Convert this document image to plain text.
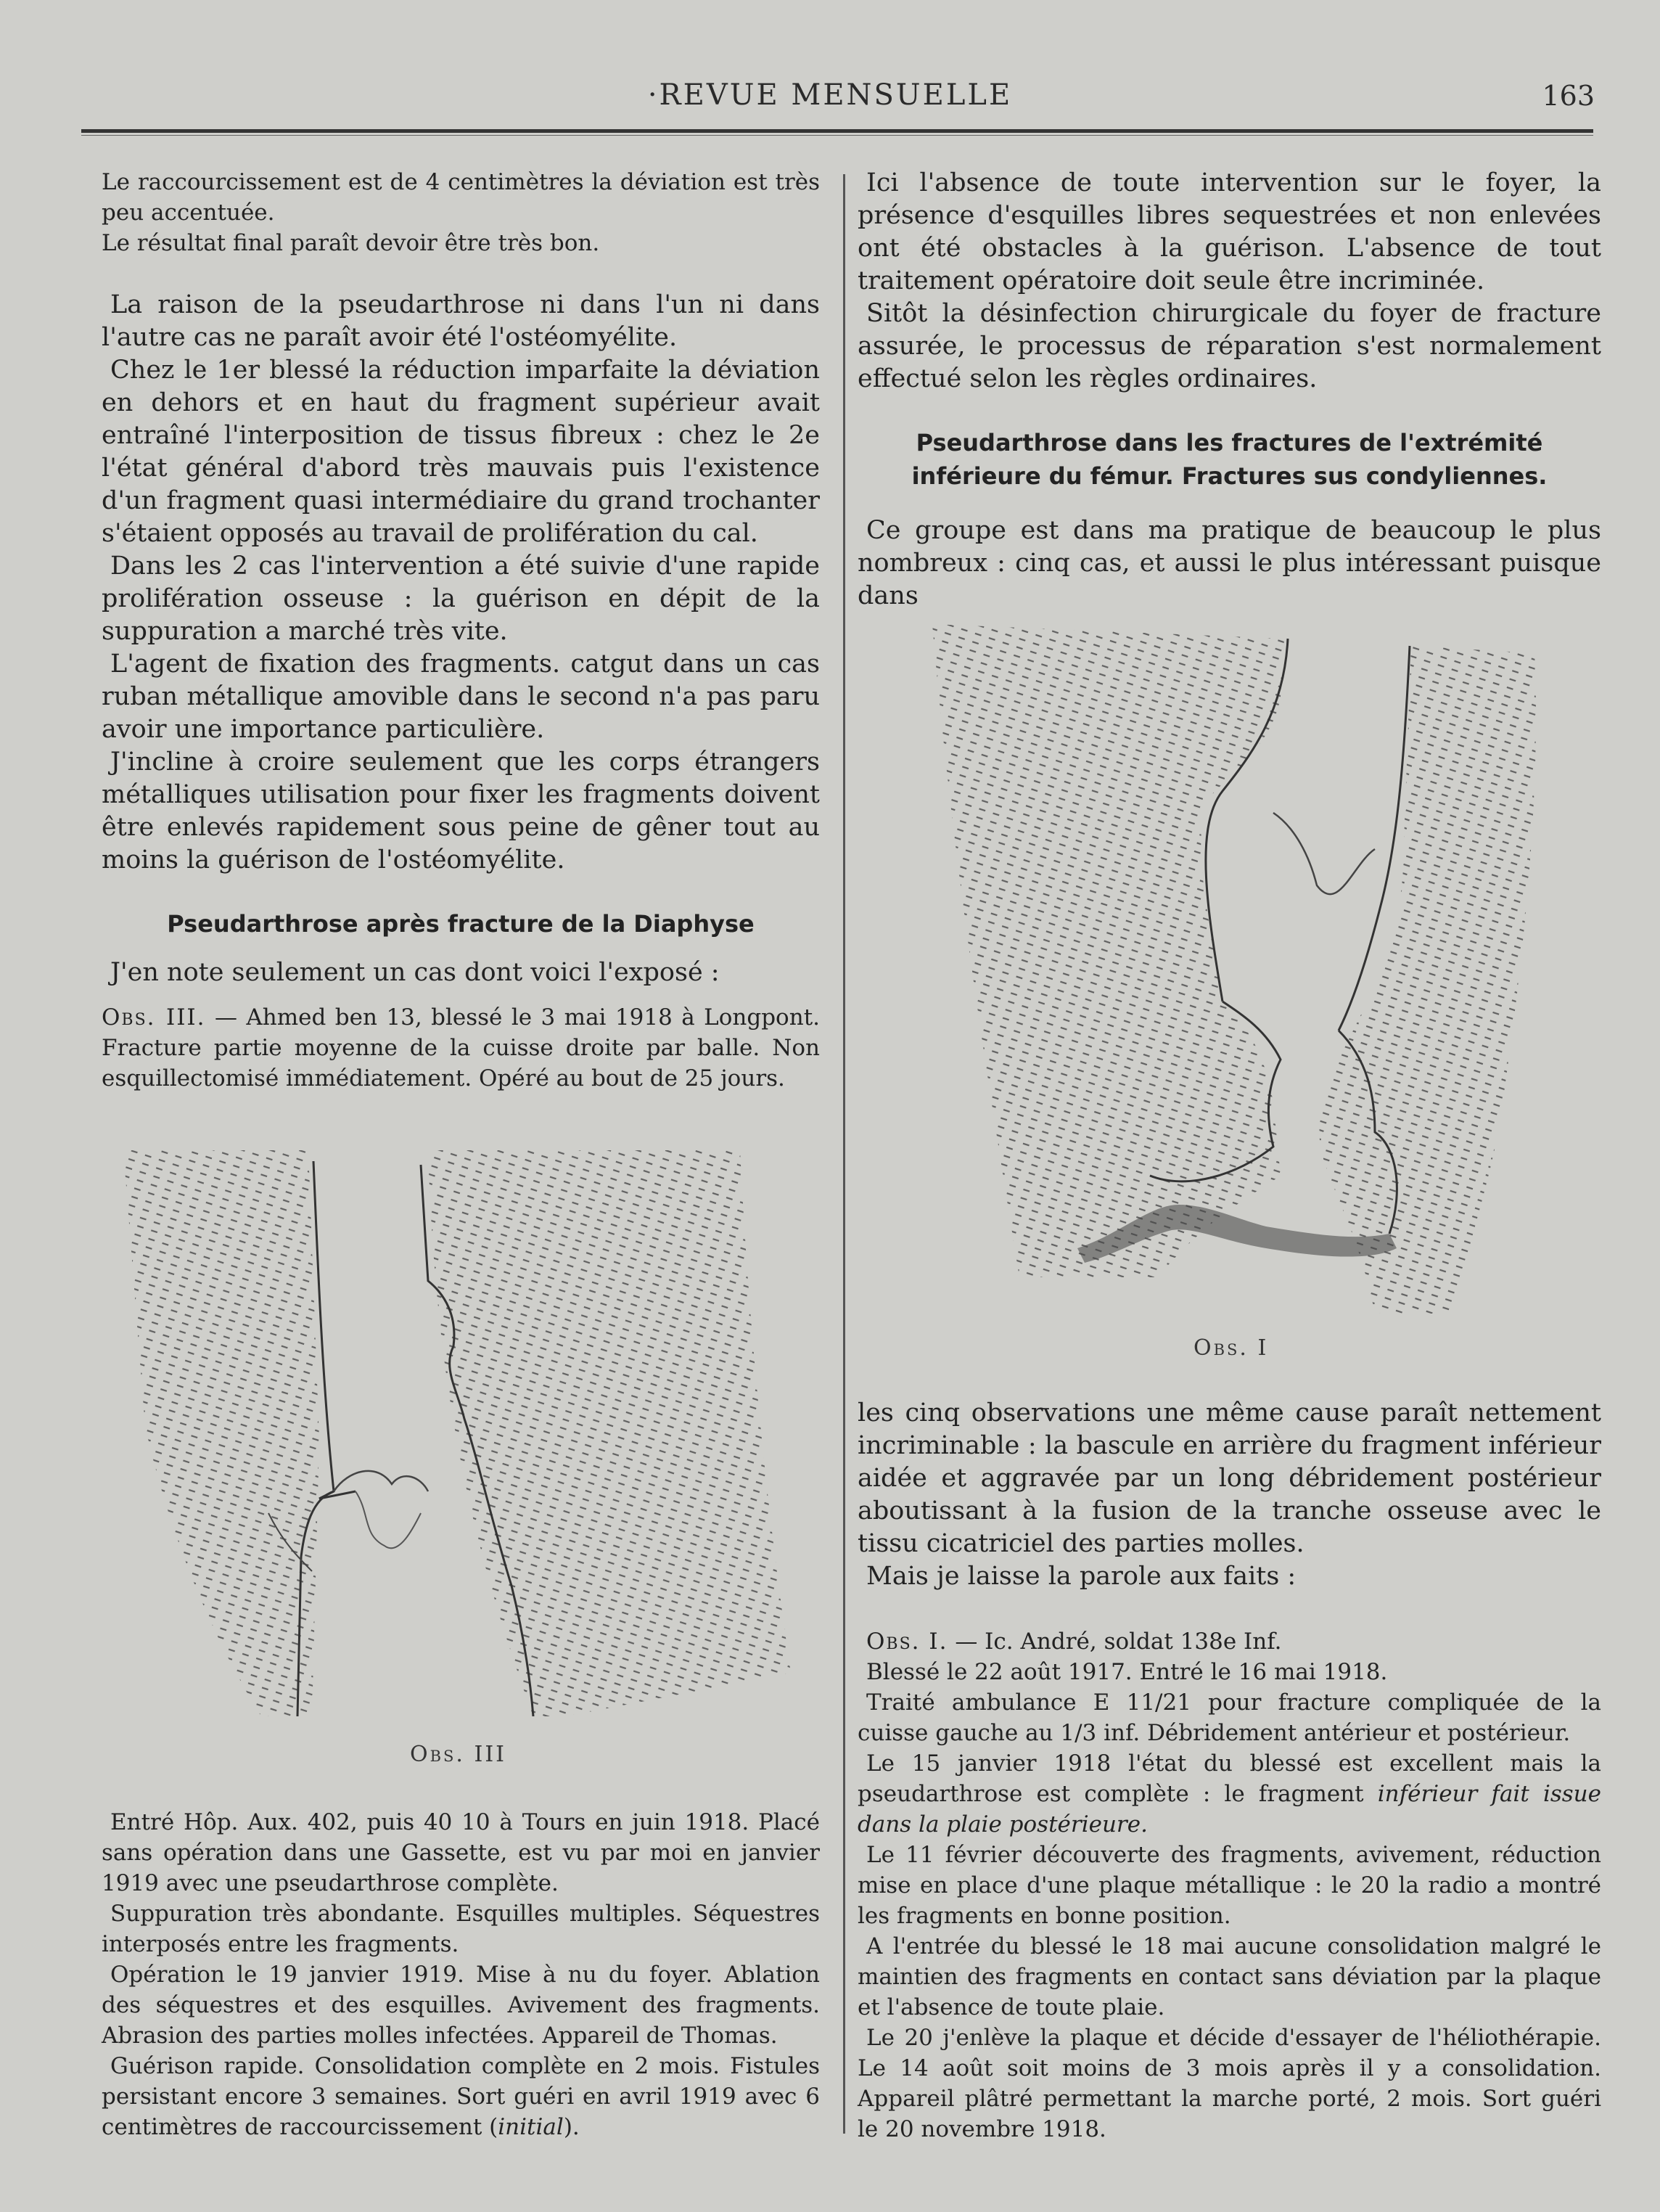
·REVUE MENSUELLE	163

Le raccourcissement est de 4 centimètres la déviation est très peu accentuée.

Le résultat final paraît devoir être très bon.

La raison de la pseudarthrose ni dans l'un ni dans l'autre cas ne paraît avoir été l'ostéomyélite.

Chez le 1er blessé la réduction imparfaite la déviation en dehors et en haut du fragment supérieur avait entraîné l'interposition de tissus fibreux : chez le 2e l'état général d'abord très mauvais puis l'existence d'un fragment quasi intermédiaire du grand trochanter s'étaient opposés au travail de prolifération du cal.

Dans les 2 cas l'intervention a été suivie d'une rapide prolifération osseuse : la guérison en dépit de la suppuration a marché très vite.

L'agent de fixation des fragments. catgut dans un cas ruban métallique amovible dans le second n'a pas paru avoir une importance particulière.

J'incline à croire seulement que les corps étrangers métalliques utilisation pour fixer les fragments doivent être enlevés rapidement sous peine de gêner tout au moins la guérison de l'ostéomyélite.

Pseudarthrose après fracture de la Diaphyse

J'en note seulement un cas dont voici l'exposé :

Obs. III. — Ahmed ben 13, blessé le 3 mai 1918 à Longpont. Fracture partie moyenne de la cuisse droite par balle. Non esquillectomisé immédiatement. Opéré au bout de 25 jours.

Obs. III

Entré Hôp. Aux. 402, puis 40 10 à Tours en juin 1918. Placé sans opération dans une Gassette, est vu par moi en janvier 1919 avec une pseudarthrose complète.

Suppuration très abondante. Esquilles multiples. Séquestres interposés entre les fragments.

Opération le 19 janvier 1919. Mise à nu du foyer. Ablation des séquestres et des esquilles. Avivement des fragments. Abrasion des parties molles infectées. Appareil de Thomas.

Guérison rapide. Consolidation complète en 2 mois. Fistules persistant encore 3 semaines. Sort guéri en avril 1919 avec 6 centimètres de raccourcissement (initial).

Ici l'absence de toute intervention sur le foyer, la présence d'esquilles libres sequestrées et non enlevées ont été obstacles à la guérison. L'absence de tout traitement opératoire doit seule être incriminée.

Sitôt la désinfection chirurgicale du foyer de fracture assurée, le processus de réparation s'est normalement effectué selon les règles ordinaires.

Pseudarthrose dans les fractures de l'extrémité inférieure du fémur. Fractures sus condyliennes.

Ce groupe est dans ma pratique de beaucoup le plus nombreux : cinq cas, et aussi le plus intéressant puisque dans

Obs. I

les cinq observations une même cause paraît nettement incriminable : la bascule en arrière du fragment inférieur aidée et aggravée par un long débridement postérieur aboutissant à la fusion de la tranche osseuse avec le tissu cicatriciel des parties molles.

Mais je laisse la parole aux faits :

Obs. I. — Ic. André, soldat 138e Inf.

Blessé le 22 août 1917. Entré le 16 mai 1918.

Traité ambulance E 11/21 pour fracture compliquée de la cuisse gauche au 1/3 inf. Débridement antérieur et postérieur.

Le 15 janvier 1918 l'état du blessé est excellent mais la pseudarthrose est complète : le fragment inférieur fait issue dans la plaie postérieure.

Le 11 février découverte des fragments, avivement, réduction mise en place d'une plaque métallique : le 20 la radio a montré les fragments en bonne position.

A l'entrée du blessé le 18 mai aucune consolidation malgré le maintien des fragments en contact sans déviation par la plaque et l'absence de toute plaie.

Le 20 j'enlève la plaque et décide d'essayer de l'héliothérapie. Le 14 août soit moins de 3 mois après il y a consolidation. Appareil plâtré permettant la marche porté, 2 mois. Sort guéri le 20 novembre 1918.
